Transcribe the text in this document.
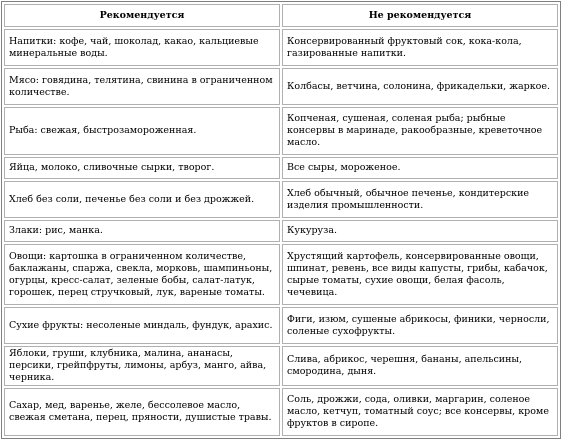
Рекомендуется	Не рекомендуется
Напитки: кофе, чай, шоколад, какао, кальциевые минеральные воды.	Консервированный фруктовый сок, кока-кола, газированные напитки.
Мясо: говядина, телятина, свинина в ограниченном количестве.	Колбасы, ветчина, солонина, фрикадельки, жаркое.
Рыба: свежая, быстрозамороженная.	Копченая, сушеная, соленая рыба; рыбные консервы в маринаде, ракообразные, креветочное масло.
Яйца, молоко, сливочные сырки, творог.	Все сыры, мороженое.
Хлеб без соли, печенье без соли и без дрожжей.	Хлеб обычный, обычное печенье, кондитерские изделия промышленности.
Злаки: рис, манка.	Кукуруза.
Овощи: картошка в ограниченном количестве, баклажаны, спаржа, свекла, морковь, шампиньоны, огурцы, кресс-салат, зеленые бобы, салат-латук, горошек, перец стручковый, лук, вареные томаты.	Хрустящий картофель, консервированные овощи, шпинат, ревень, все виды капусты, грибы, кабачок, сырые томаты, сухие овощи, белая фасоль, чечевица.
Сухие фрукты: несоленые миндаль, фундук, арахис.	Фиги, изюм, сушеные абрикосы, финики, черносли, соленые сухофрукты.
Яблоки, груши, клубника, малина, ананасы, персики, грейпфруты, лимоны, арбуз, манго, айва, черника.	Слива, абрикос, черешня, бананы, апельсины, смородина, дыня.
Сахар, мед, варенье, желе, бессолевое масло, свежая сметана, перец, пряности, душистые травы.	Соль, дрожжи, сода, оливки, маргарин, соленое масло, кетчуп, томатный соус; все консервы, кроме фруктов в сиропе.
